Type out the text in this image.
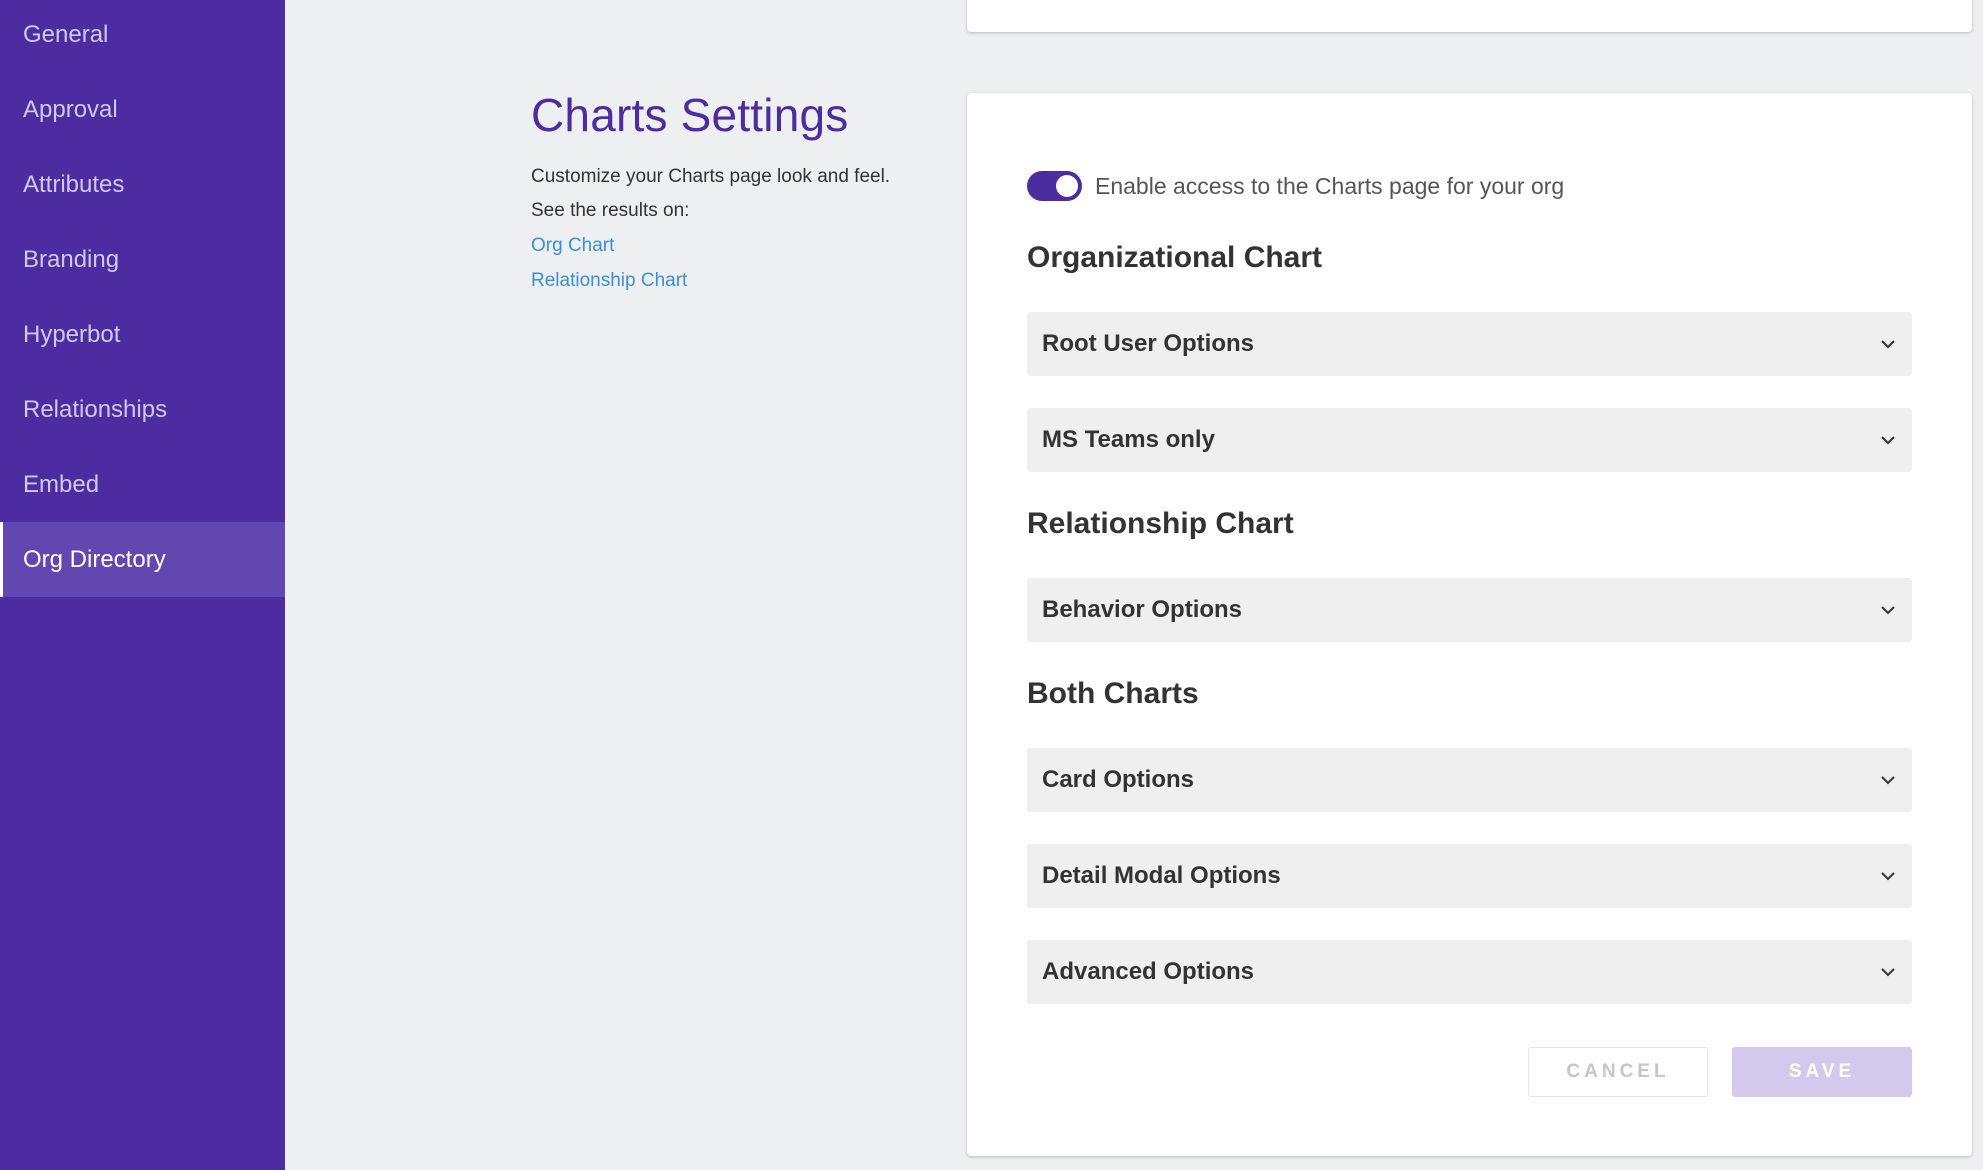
General
Approval
Attributes
Branding
Hyperbot
Relationships
Embed
Org Directory
Charts Settings
Customize your Charts page look and feel.
See the results on:
Org Chart
Relationship Chart
Enable access to the Charts page for your org
Organizational Chart
Root User Options
MS Teams only
Relationship Chart
Behavior Options
Both Charts
Card Options
Detail Modal Options
Advanced Options
CANCEL	SAVE
